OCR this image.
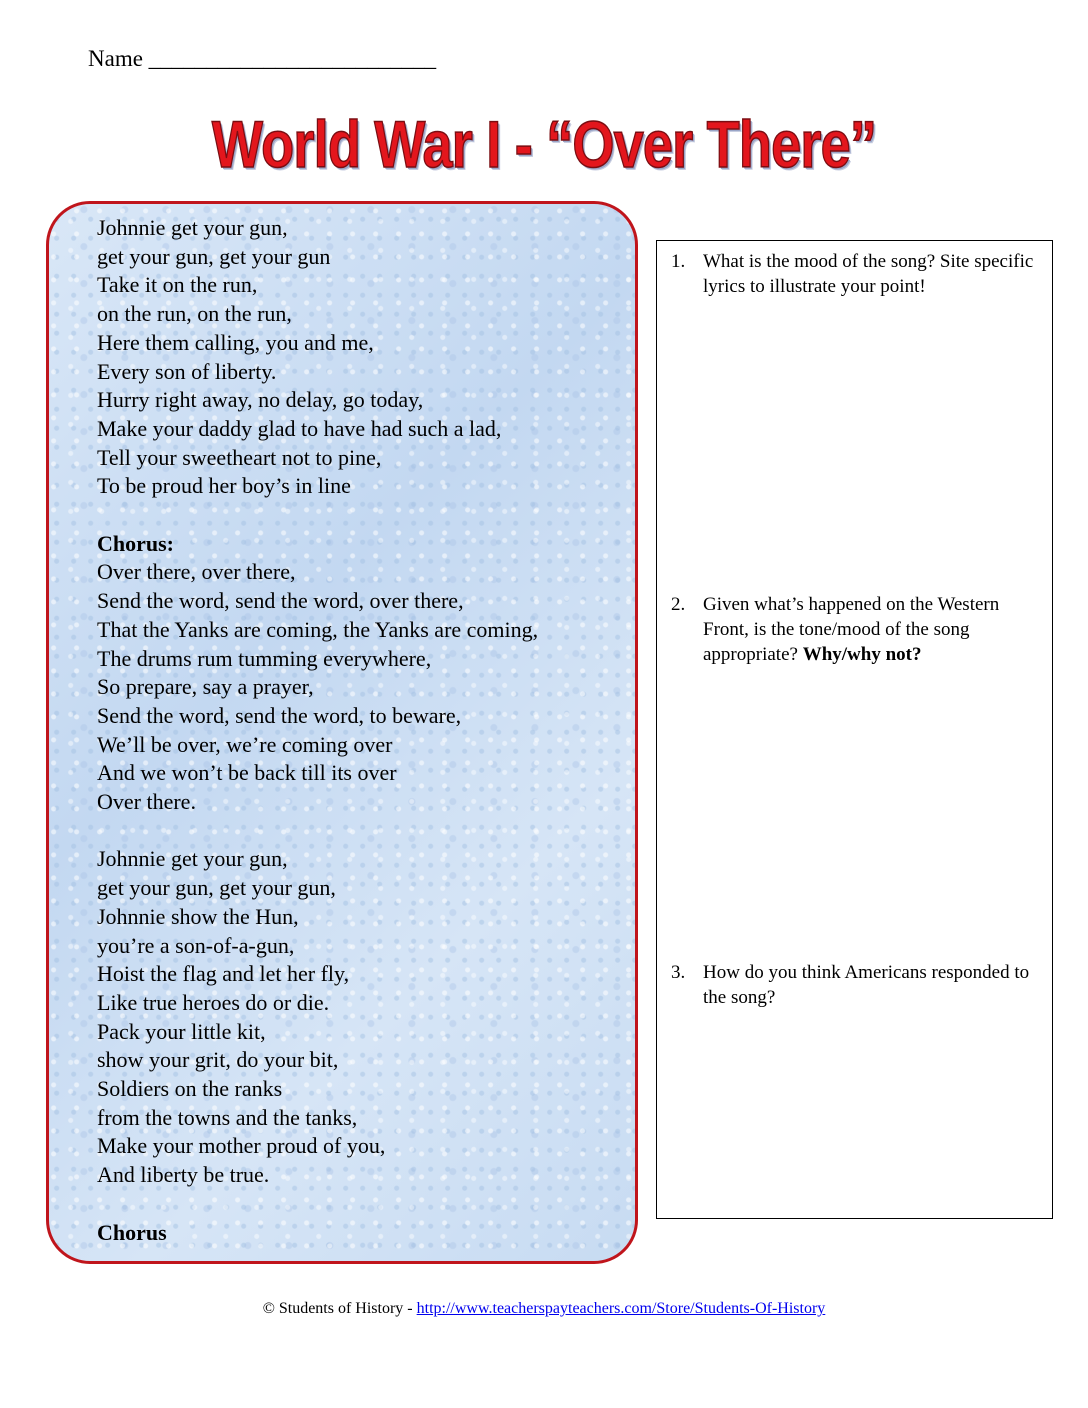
Name _________________________
World War I - “Over There”
Johnnie get your gun,
get your gun, get your gun
Take it on the run,
on the run, on the run,
Here them calling, you and me,
Every son of liberty.
Hurry right away, no delay, go today,
Make your daddy glad to have had such a lad,
Tell your sweetheart not to pine,
To be proud her boy’s in line
Chorus:
Over there, over there,
Send the word, send the word, over there,
That the Yanks are coming, the Yanks are coming,
The drums rum tumming everywhere,
So prepare, say a prayer,
Send the word, send the word, to beware,
We’ll be over, we’re coming over
And we won’t be back till its over
Over there.
Johnnie get your gun,
get your gun, get your gun,
Johnnie show the Hun,
you’re a son-of-a-gun,
Hoist the flag and let her fly,
Like true heroes do or die.
Pack your little kit,
show your grit, do your bit,
Soldiers on the ranks
from the towns and the tanks,
Make your mother proud of you,
And liberty be true.
Chorus
1. What is the mood of the song? Site specific lyrics to illustrate your point!
2. Given what’s happened on the Western Front, is the tone/mood of the song appropriate? Why/why not?
3. How do you think Americans responded to the song?
© Students of History - http://www.teacherspayteachers.com/Store/Students-Of-History
